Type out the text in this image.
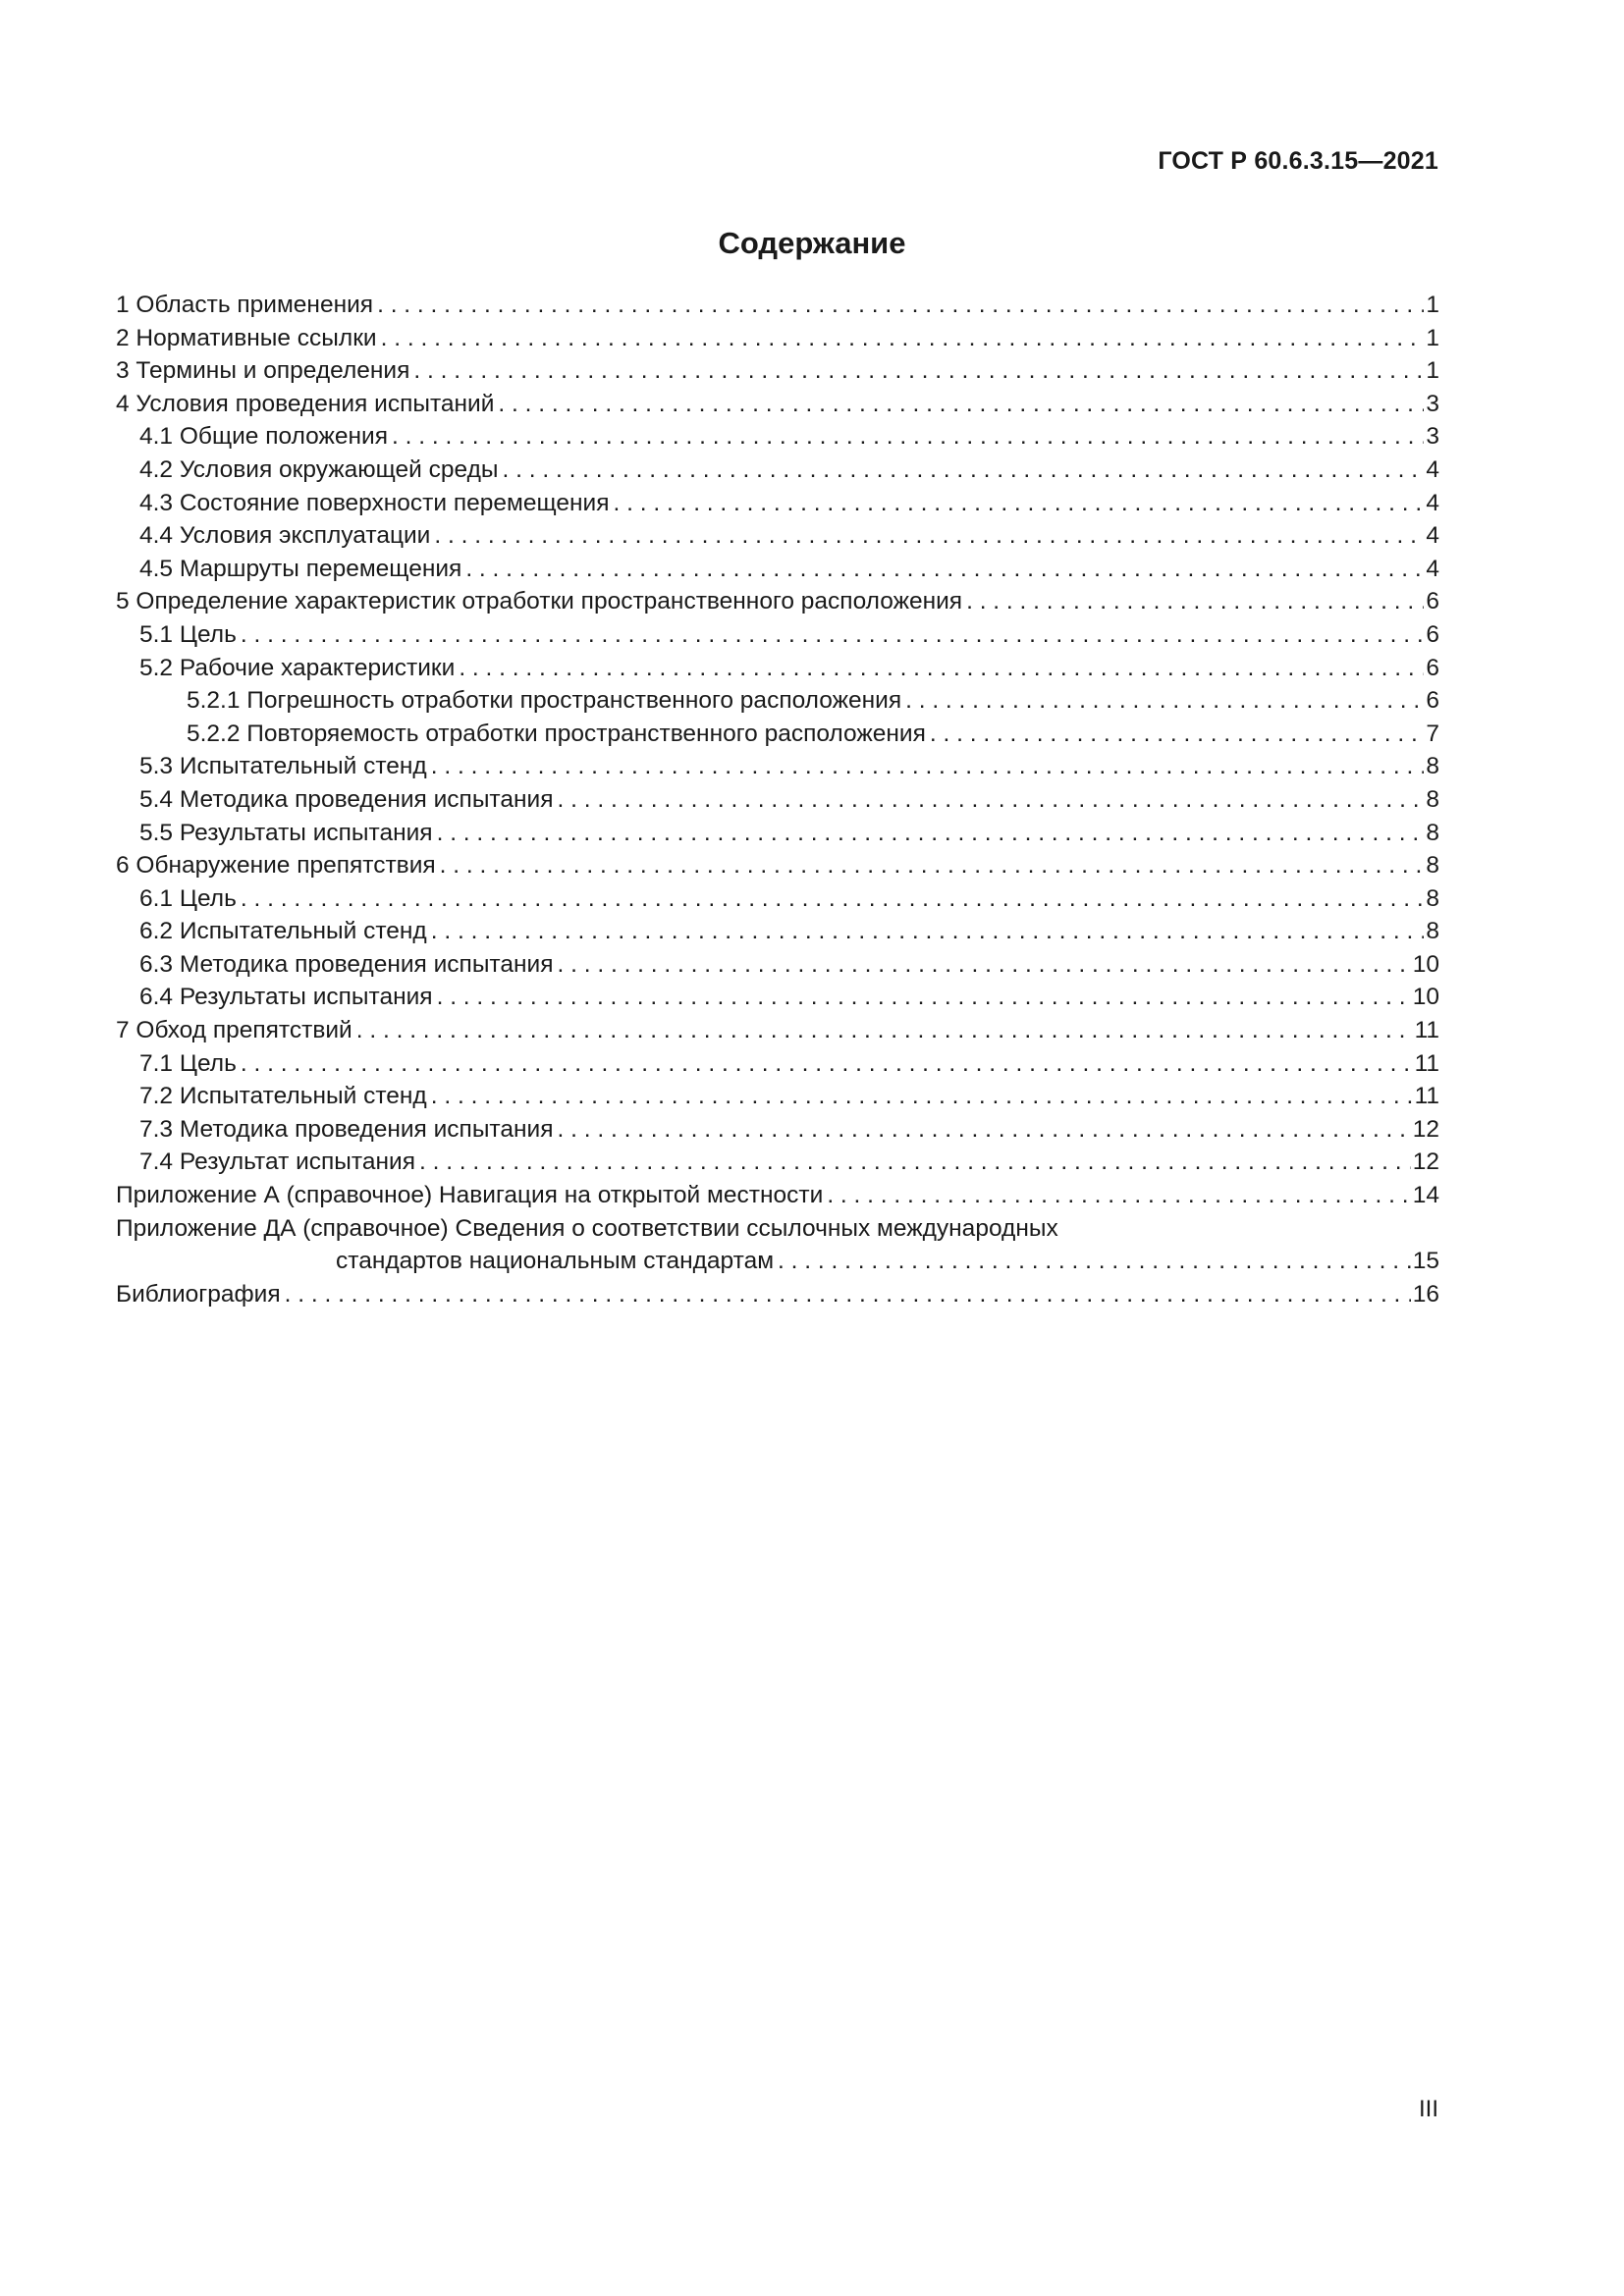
ГОСТ Р 60.6.3.15—2021
Содержание
1 Область применения . . .	1
2 Нормативные ссылки . . .	1
3 Термины и определения . . .	1
4 Условия проведения испытаний . . .	3
4.1 Общие положения . . .	3
4.2 Условия окружающей среды . . .	4
4.3 Состояние поверхности перемещения . . .	4
4.4 Условия эксплуатации . . .	4
4.5 Маршруты перемещения . . .	4
5 Определение характеристик отработки пространственного расположения . . .	6
5.1 Цель . . .	6
5.2 Рабочие характеристики . . .	6
5.2.1 Погрешность отработки пространственного расположения . . .	6
5.2.2 Повторяемость отработки пространственного расположения . . .	7
5.3 Испытательный стенд . . .	8
5.4 Методика проведения испытания . . .	8
5.5 Результаты испытания . . .	8
6 Обнаружение препятствия . . .	8
6.1 Цель . . .	8
6.2 Испытательный стенд . . .	8
6.3 Методика проведения испытания . . .	10
6.4 Результаты испытания . . .	10
7 Обход препятствий . . .	11
7.1 Цель . . .	11
7.2 Испытательный стенд . . .	11
7.3 Методика проведения испытания . . .	12
7.4 Результат испытания . . .	12
Приложение А (справочное) Навигация на открытой местности . . .	14
Приложение ДА (справочное) Сведения о соответствии ссылочных международных
стандартов национальным стандартам . . .	15
Библиография . . .	16
III
